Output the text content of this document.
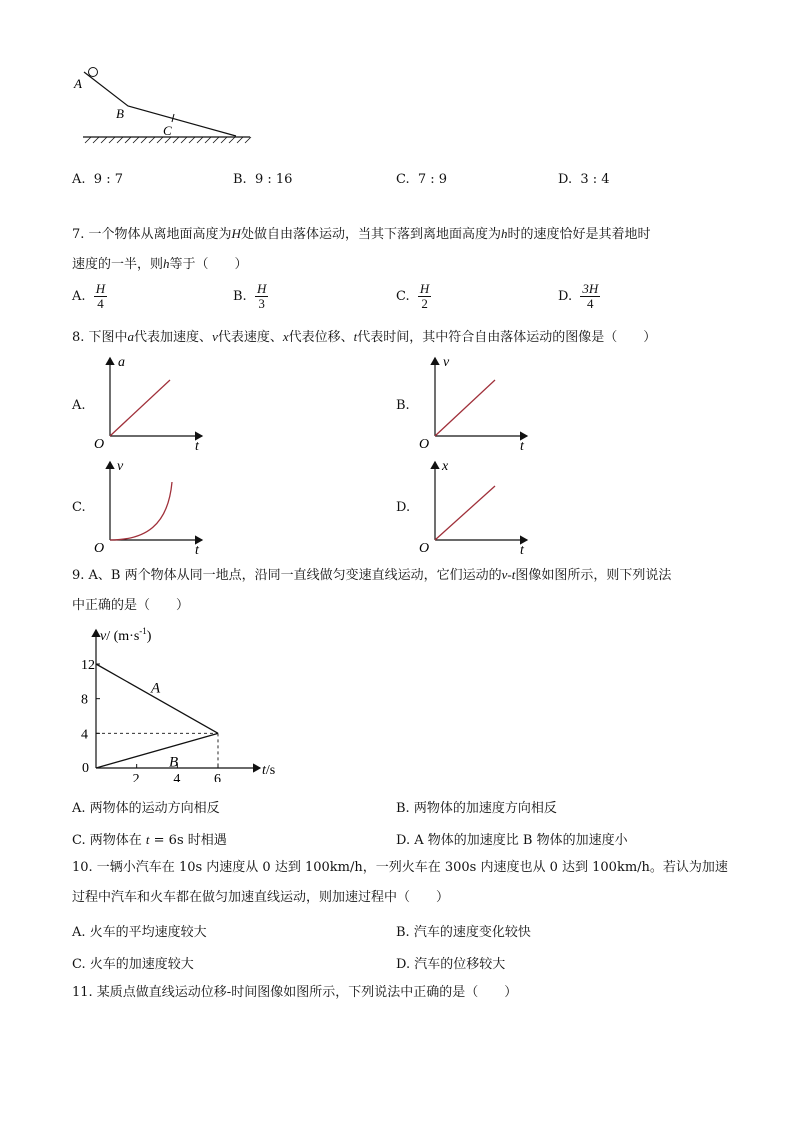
A
B
C
A. 9 : 7	B. 9 : 16	C. 7 : 9	D. 3 : 4
7. 一个物体从离地面高度为H处做自由落体运动，当其下落到离地面高度为h时的速度恰好是其着地时
速度的一半，则h等于（　　）
A. $\frac{H}{4}$	B. $\frac{H}{3}$	C. $\frac{H}{2}$	D. $\frac{3H}{4}$
8. 下图中a代表加速度、v代表速度、x代表位移、t代表时间，其中符合自由落体运动的图像是（　　）
A.
a
t
O
B.
v
t
O
C.
v
t
O
D.
x
t
O
9. A、B 两个物体从同一地点，沿同一直线做匀变速直线运动，它们运动的v-t图像如图所示，则下列说法
中正确的是（　　）
4
8
12
2 4 6
A
B
v/ $(m\cdot s^{-1})$
t/s
0
A. 两物体的运动方向相反	B. 两物体的加速度方向相反
C. 两物体在 t = 6s 时相遇	D. A 物体的加速度比 B 物体的加速度小
10. 一辆小汽车在 10s 内速度从 0 达到 100km/h，一列火车在 300s 内速度也从 0 达到 100km/h。若认为加速
过程中汽车和火车都在做匀加速直线运动，则加速过程中（　　）
A. 火车的平均速度较大	B. 汽车的速度变化较快
C. 火车的加速度较大	D. 汽车的位移较大
11. 某质点做直线运动位移-时间图像如图所示，下列说法中正确的是（　　）
